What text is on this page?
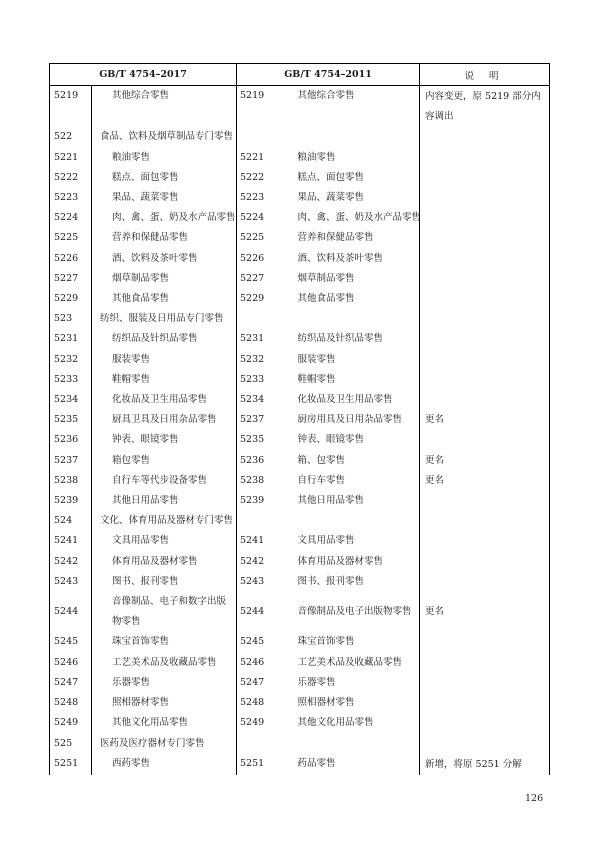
GB/T 4754–2017		GB/T 4754–2011		说 明
5219	其他综合零售	5219	其他综合零售	内容变更，原 5219 部分内容调出
522	食品、饮料及烟草制品专门零售			
5221	粮油零售	5221	粮油零售	
5222	糕点、面包零售	5222	糕点、面包零售	
5223	果品、蔬菜零售	5223	果品、蔬菜零售	
5224	肉、禽、蛋、奶及水产品零售	5224	肉、禽、蛋、奶及水产品零售	
5225	营养和保健品零售	5225	营养和保健品零售	
5226	酒、饮料及茶叶零售	5226	酒、饮料及茶叶零售	
5227	烟草制品零售	5227	烟草制品零售	
5229	其他食品零售	5229	其他食品零售	
523	纺织、服装及日用品专门零售			
5231	纺织品及针织品零售	5231	纺织品及针织品零售	
5232	服装零售	5232	服装零售	
5233	鞋帽零售	5233	鞋帽零售	
5234	化妆品及卫生用品零售	5234	化妆品及卫生用品零售	
5235	厨具卫具及日用杂品零售	5237	厨房用具及日用杂品零售	更名
5236	钟表、眼镜零售	5235	钟表、眼镜零售	
5237	箱包零售	5236	箱、包零售	更名
5238	自行车等代步设备零售	5238	自行车零售	更名
5239	其他日用品零售	5239	其他日用品零售	
524	文化、体育用品及器材专门零售			
5241	文具用品零售	5241	文具用品零售	
5242	体育用品及器材零售	5242	体育用品及器材零售	
5243	图书、报刊零售	5243	图书、报刊零售	
5244	音像制品、电子和数字出版物零售	5244	音像制品及电子出版物零售	更名
5245	珠宝首饰零售	5245	珠宝首饰零售	
5246	工艺美术品及收藏品零售	5246	工艺美术品及收藏品零售	
5247	乐器零售	5247	乐器零售	
5248	照相器材零售	5248	照相器材零售	
5249	其他文化用品零售	5249	其他文化用品零售	
525	医药及医疗器材专门零售			
5251	西药零售	5251	药品零售	新增，将原 5251 分解
126
